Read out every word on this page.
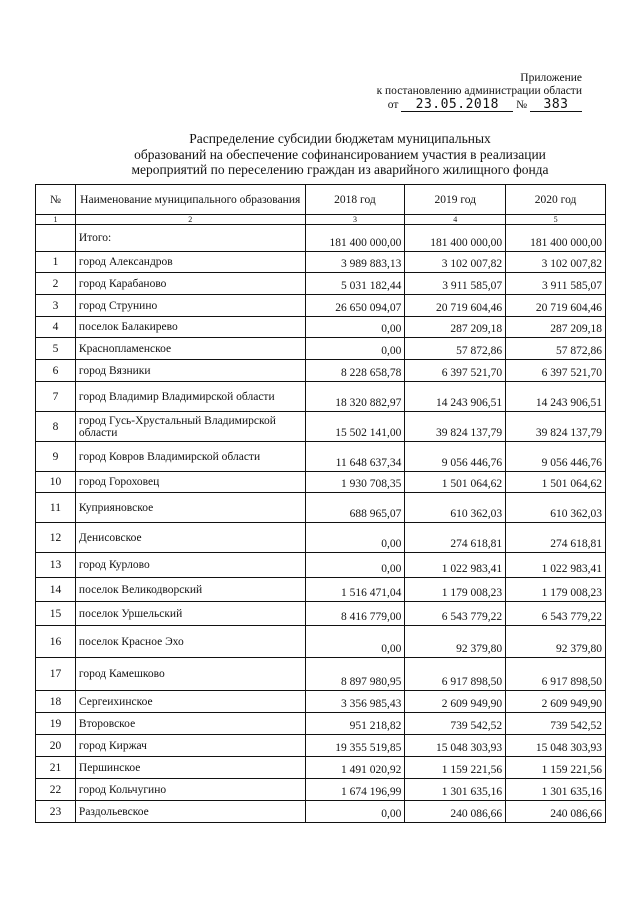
Приложение
к постановлению администрации области
от 23.05.2018 № 383
Распределение субсидии бюджетам муниципальных
образований на обеспечение софинансированием участия в реализации
мероприятий по переселению граждан из аварийного жилищного фонда
№	Наименование муниципального образования	2018 год	2019 год	2020 год
1	2	3	4	5
	Итого:	181 400 000,00	181 400 000,00	181 400 000,00
1	город Александров	3 989 883,13	3 102 007,82	3 102 007,82
2	город Карабаново	5 031 182,44	3 911 585,07	3 911 585,07
3	город Струнино	26 650 094,07	20 719 604,46	20 719 604,46
4	поселок Балакирево	0,00	287 209,18	287 209,18
5	Краснопламенское	0,00	57 872,86	57 872,86
6	город Вязники	8 228 658,78	6 397 521,70	6 397 521,70
7	город Владимир Владимирской области	18 320 882,97	14 243 906,51	14 243 906,51
8	город Гусь-Хрустальный Владимирской области	15 502 141,00	39 824 137,79	39 824 137,79
9	город Ковров Владимирской области	11 648 637,34	9 056 446,76	9 056 446,76
10	город Гороховец	1 930 708,35	1 501 064,62	1 501 064,62
11	Куприяновское	688 965,07	610 362,03	610 362,03
12	Денисовское	0,00	274 618,81	274 618,81
13	город Курлово	0,00	1 022 983,41	1 022 983,41
14	поселок Великодворский	1 516 471,04	1 179 008,23	1 179 008,23
15	поселок Уршельский	8 416 779,00	6 543 779,22	6 543 779,22
16	поселок Красное Эхо	0,00	92 379,80	92 379,80
17	город Камешково	8 897 980,95	6 917 898,50	6 917 898,50
18	Сергеихинское	3 356 985,43	2 609 949,90	2 609 949,90
19	Второвское	951 218,82	739 542,52	739 542,52
20	город Киржач	19 355 519,85	15 048 303,93	15 048 303,93
21	Першинское	1 491 020,92	1 159 221,56	1 159 221,56
22	город Кольчугино	1 674 196,99	1 301 635,16	1 301 635,16
23	Раздольевское	0,00	240 086,66	240 086,66
